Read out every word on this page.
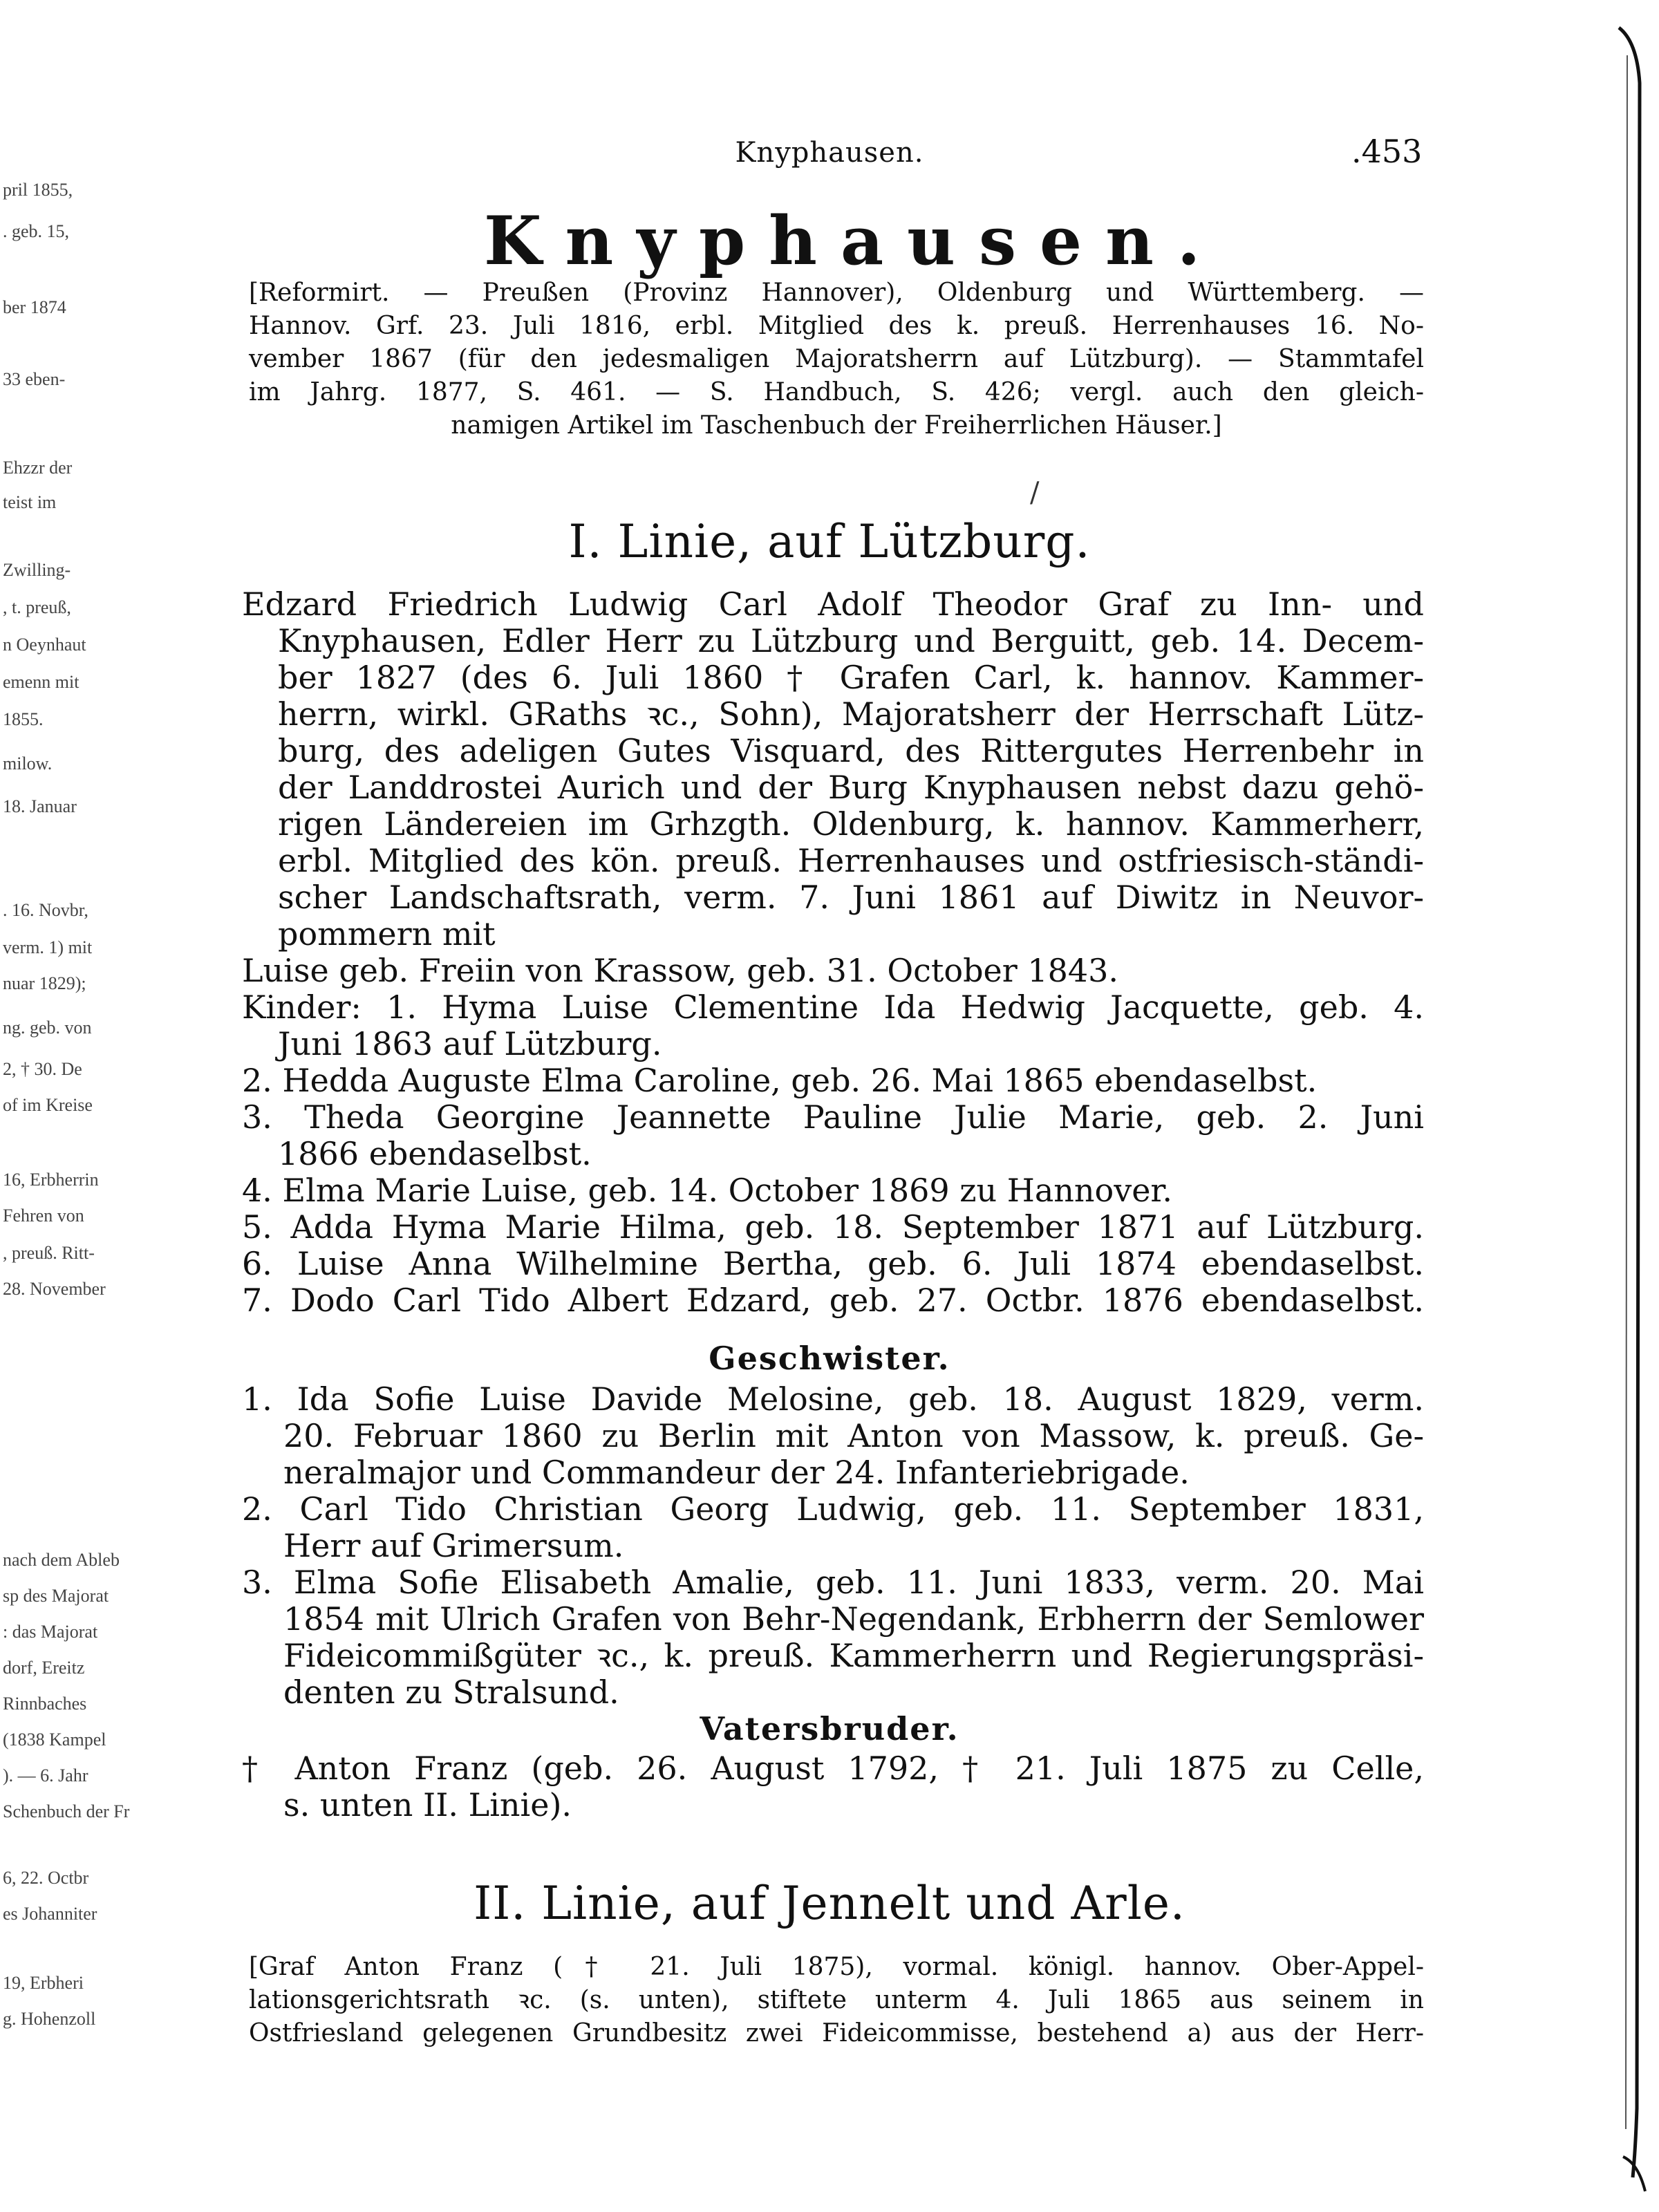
pril 1855,
. geb. 15,
ber 1874
33 eben-
Ehzzr der
teist im
Zwilling-
, t. preuß,
n Oeynhaut
emenn mit
1855.
milow.
18. Januar
. 16. Novbr,
verm. 1) mit
nuar 1829);
ng. geb. von
2, † 30. De
of im Kreise
16, Erbherrin
Fehren von
, preuß. Ritt-
28. November
nach dem Ableb
sp des Majorat
: das Majorat
dorf, Ereitz
Rinnbaches
(1838 Kampel
). — 6. Jahr
Schenbuch der Fr
6, 22. Octbr
es Johanniter
19, Erbheri
g. Hohenzoll
Knyphausen.	.453
Knyphausen.
[Reformirt. — Preußen (Provinz Hannover), Oldenburg und Württemberg. —
Hannov. Grf. 23. Juli 1816, erbl. Mitglied des k. preuß. Herrenhauses 16. No-
vember 1867 (für den jedesmaligen Majoratsherrn auf Lützburg). — Stammtafel
im Jahrg. 1877, S. 461. — S. Handbuch, S. 426; vergl. auch den gleich-
namigen Artikel im Taschenbuch der Freiherrlichen Häuser.]
/
I. Linie, auf Lützburg.
Edzard Friedrich Ludwig Carl Adolf Theodor Graf zu Inn- und
Knyphausen, Edler Herr zu Lützburg und Berguitt, geb. 14. Decem-
ber 1827 (des 6. Juli 1860 † Grafen Carl, k. hannov. Kammer-
herrn, wirkl. GRaths ꝛc., Sohn), Majoratsherr der Herrschaft Lütz-
burg, des adeligen Gutes Visquard, des Rittergutes Herrenbehr in
der Landdrostei Aurich und der Burg Knyphausen nebst dazu gehö-
rigen Ländereien im Grhzgth. Oldenburg, k. hannov. Kammerherr,
erbl. Mitglied des kön. preuß. Herrenhauses und ostfriesisch-ständi-
scher Landschaftsrath, verm. 7. Juni 1861 auf Diwitz in Neuvor-
pommern mit
Luise geb. Freiin von Krassow, geb. 31. October 1843.
Kinder: 1. Hyma Luise Clementine Ida Hedwig Jacquette, geb. 4.
Juni 1863 auf Lützburg.
2. Hedda Auguste Elma Caroline, geb. 26. Mai 1865 ebendaselbst.
3. Theda Georgine Jeannette Pauline Julie Marie, geb. 2. Juni
1866 ebendaselbst.
4. Elma Marie Luise, geb. 14. October 1869 zu Hannover.
5. Adda Hyma Marie Hilma, geb. 18. September 1871 auf Lützburg.
6. Luise Anna Wilhelmine Bertha, geb. 6. Juli 1874 ebendaselbst.
7. Dodo Carl Tido Albert Edzard, geb. 27. Octbr. 1876 ebendaselbst.
Geschwister.
1. Ida Sofie Luise Davide Melosine, geb. 18. August 1829, verm.
20. Februar 1860 zu Berlin mit Anton von Massow, k. preuß. Ge-
neralmajor und Commandeur der 24. Infanteriebrigade.
2. Carl Tido Christian Georg Ludwig, geb. 11. September 1831,
Herr auf Grimersum.
3. Elma Sofie Elisabeth Amalie, geb. 11. Juni 1833, verm. 20. Mai
1854 mit Ulrich Grafen von Behr-Negendank, Erbherrn der Semlower
Fideicommißgüter ꝛc., k. preuß. Kammerherrn und Regierungspräsi-
denten zu Stralsund.
Vatersbruder.
† Anton Franz (geb. 26. August 1792, † 21. Juli 1875 zu Celle,
s. unten II. Linie).
II. Linie, auf Jennelt und Arle.
[Graf Anton Franz († 21. Juli 1875), vormal. königl. hannov. Ober-Appel-
lationsgerichtsrath ꝛc. (s. unten), stiftete unterm 4. Juli 1865 aus seinem in
Ostfriesland gelegenen Grundbesitz zwei Fideicommisse, bestehend a) aus der Herr-
